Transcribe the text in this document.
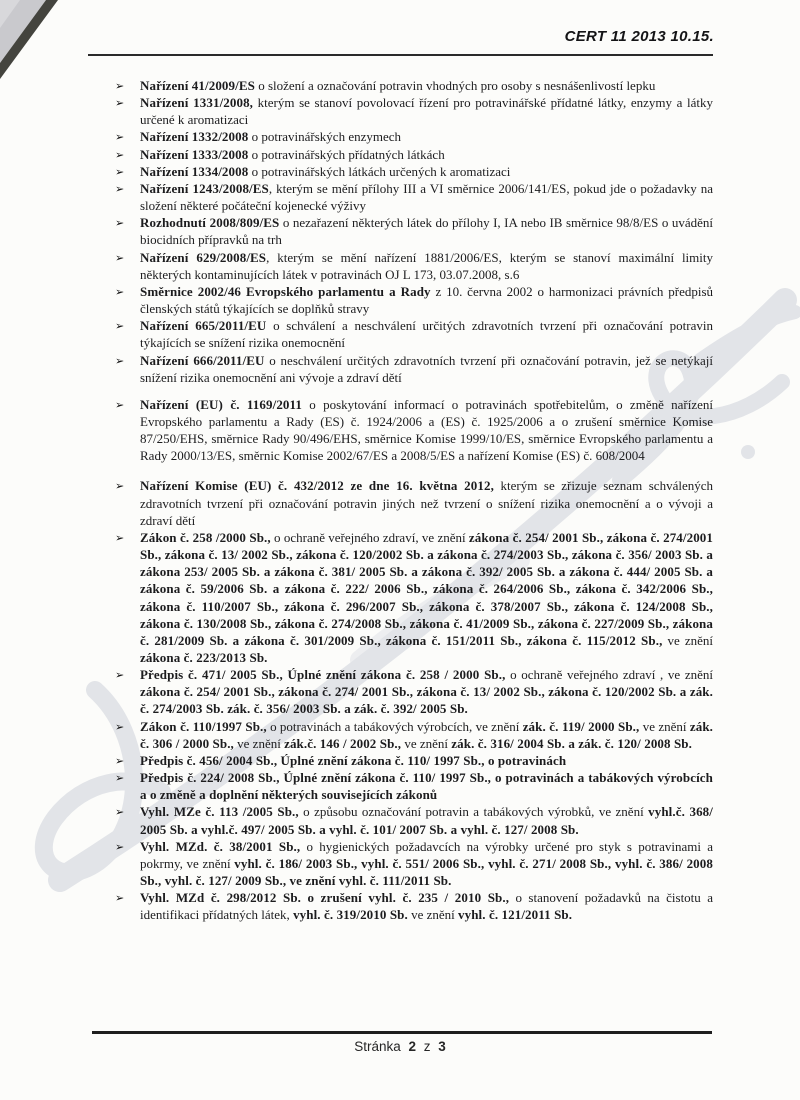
CERT 11 2013 10.15.
➢	Nařízení 41/2009/ES o složení a označování potravin vhodných pro osoby s nesnášenlivostí lepku
➢	Nařízení 1331/2008, kterým se stanoví povolovací řízení pro potravinářské přídatné látky, enzymy a látky určené k aromatizaci
➢	Nařízení 1332/2008 o potravinářských enzymech
➢	Nařízení 1333/2008 o potravinářských přídatných látkách
➢	Nařízení 1334/2008 o potravinářských látkách určených k aromatizaci
➢	Nařízení 1243/2008/ES, kterým se mění přílohy III a VI směrnice 2006/141/ES, pokud jde o požadavky na složení některé počáteční kojenecké výživy
➢	Rozhodnutí 2008/809/ES o nezařazení některých látek do přílohy I, IA nebo IB směrnice 98/8/ES o uvádění biocidních přípravků na trh
➢	Nařízení 629/2008/ES, kterým se mění nařízení 1881/2006/ES, kterým se stanoví maximální limity některých kontaminujících látek v potravinách OJ L 173, 03.07.2008, s.6
➢	Směrnice 2002/46 Evropského parlamentu a Rady z 10. června 2002 o harmonizaci právních předpisů členských států týkajících se doplňků stravy
➢	Nařízení 665/2011/EU o schválení a neschválení určitých zdravotních tvrzení při označování potravin týkajících se snížení rizika onemocnění
➢	Nařízení 666/2011/EU o neschválení určitých zdravotních tvrzení při označování potravin, jež se netýkají snížení rizika onemocnění ani vývoje a zdraví dětí
➢	Nařízení (EU) č. 1169/2011 o poskytování informací o potravinách spotřebitelům, o změně nařízení Evropského parlamentu a Rady (ES) č. 1924/2006 a (ES) č. 1925/2006 a o zrušení směrnice Komise 87/250/EHS, směrnice Rady 90/496/EHS, směrnice Komise 1999/10/ES, směrnice Evropského parlamentu a Rady 2000/13/ES, směrnic Komise 2002/67/ES a 2008/5/ES a nařízení Komise (ES) č. 608/2004
➢	Nařízení Komise (EU) č. 432/2012 ze dne 16. května 2012, kterým se zřizuje seznam schválených zdravotních tvrzení při označování potravin jiných než tvrzení o snížení rizika onemocnění a o vývoji a zdraví dětí
➢	Zákon č. 258 /2000 Sb., o ochraně veřejného zdraví, ve znění zákona č. 254/ 2001 Sb., zákona č. 274/2001 Sb., zákona č. 13/ 2002 Sb., zákona č. 120/2002 Sb. a zákona č. 274/2003 Sb., zákona č. 356/ 2003 Sb. a zákona 253/ 2005 Sb. a zákona č. 381/ 2005 Sb. a zákona č. 392/ 2005 Sb. a zákona č. 444/ 2005 Sb. a zákona č. 59/2006 Sb. a zákona č. 222/ 2006 Sb., zákona č. 264/2006 Sb., zákona č. 342/2006 Sb., zákona č. 110/2007 Sb., zákona č. 296/2007 Sb., zákona č. 378/2007 Sb., zákona č. 124/2008 Sb., zákona č. 130/2008 Sb., zákona č. 274/2008 Sb., zákona č. 41/2009 Sb., zákona č. 227/2009 Sb., zákona č. 281/2009 Sb. a zákona č. 301/2009 Sb., zákona č. 151/2011 Sb., zákona č. 115/2012 Sb., ve znění zákona č. 223/2013 Sb.
➢	Předpis č. 471/ 2005 Sb., Úplné znění zákona č. 258 / 2000 Sb., o ochraně veřejného zdraví , ve znění zákona č. 254/ 2001 Sb., zákona č. 274/ 2001 Sb., zákona č. 13/ 2002 Sb., zákona č. 120/2002 Sb. a zák. č. 274/2003 Sb. zák. č. 356/ 2003 Sb. a zák. č. 392/ 2005 Sb.
➢	Zákon č. 110/1997 Sb., o potravinách a tabákových výrobcích, ve znění zák. č. 119/ 2000 Sb., ve znění zák. č. 306 / 2000 Sb., ve znění zák.č. 146 / 2002 Sb., ve znění zák. č. 316/ 2004 Sb. a zák. č. 120/ 2008 Sb.
➢	Předpis č. 456/ 2004 Sb., Úplné znění zákona č. 110/ 1997 Sb., o potravinách
➢	Předpis č. 224/ 2008 Sb., Úplné znění zákona č. 110/ 1997 Sb., o potravinách a tabákových výrobcích a o změně a doplnění některých souvisejících zákonů
➢	Vyhl. MZe č. 113 /2005 Sb., o způsobu označování potravin a tabákových výrobků, ve znění vyhl.č. 368/ 2005 Sb. a vyhl.č. 497/ 2005 Sb. a vyhl. č. 101/ 2007 Sb. a vyhl. č. 127/ 2008 Sb.
➢	Vyhl. MZd. č. 38/2001 Sb., o hygienických požadavcích na výrobky určené pro styk s potravinami a pokrmy, ve znění vyhl. č. 186/ 2003 Sb., vyhl. č. 551/ 2006 Sb., vyhl. č. 271/ 2008 Sb., vyhl. č. 386/ 2008 Sb., vyhl. č. 127/ 2009 Sb., ve znění vyhl. č. 111/2011 Sb.
➢	Vyhl. MZd č. 298/2012 Sb. o zrušení vyhl. č. 235 / 2010 Sb., o stanovení požadavků na čistotu a identifikaci přídatných látek, vyhl. č. 319/2010 Sb. ve znění vyhl. č. 121/2011 Sb.
Stránka 2 z 3
